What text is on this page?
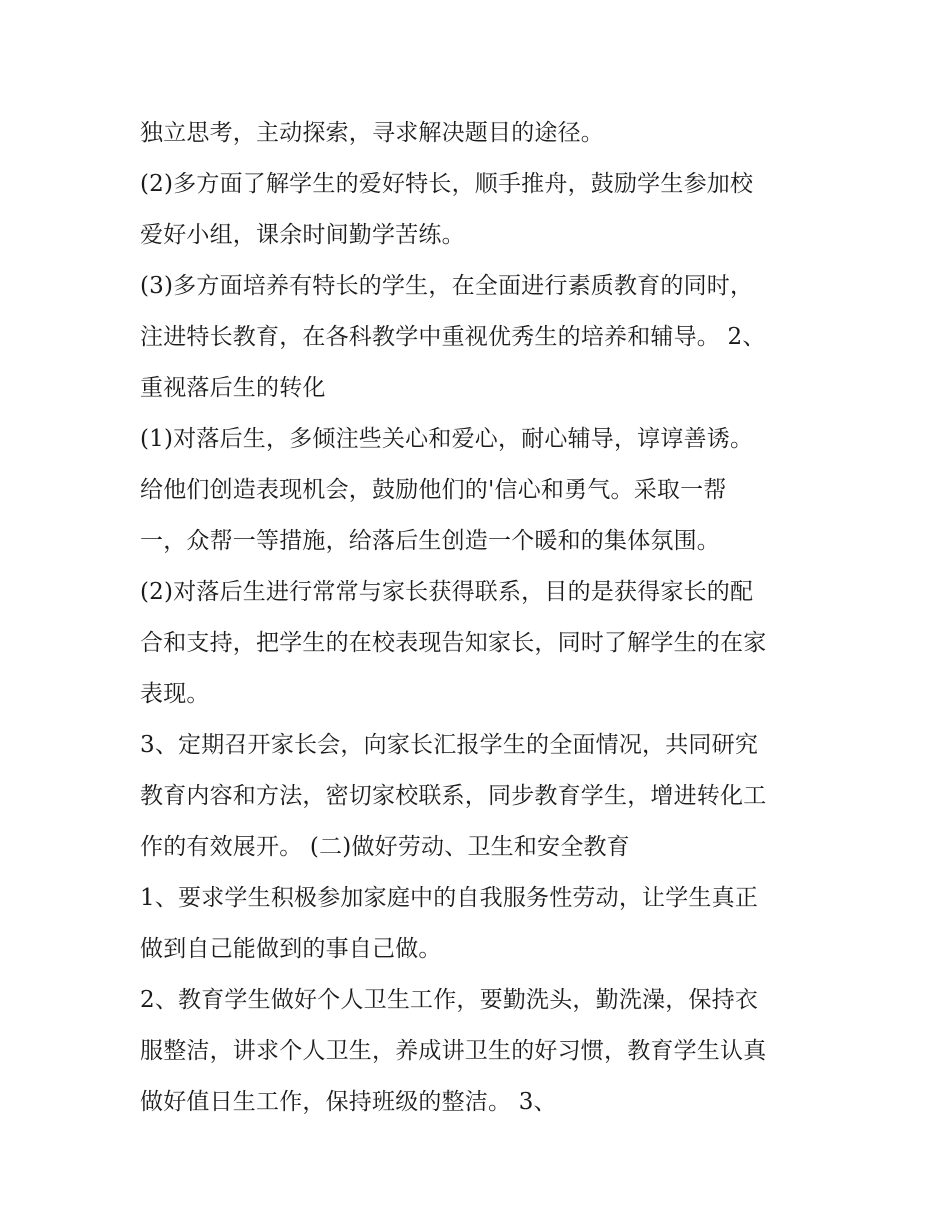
独立思考，主动探索，寻求解决题目的途径。
(2)多方面了解学生的爱好特长，顺手推舟，鼓励学生参加校
爱好小组，课余时间勤学苦练。
(3)多方面培养有特长的学生，在全面进行素质教育的同时，
注进特长教育，在各科教学中重视优秀生的培养和辅导。 2、
重视落后生的转化
(1)对落后生，多倾注些关心和爱心，耐心辅导，谆谆善诱。
给他们创造表现机会，鼓励他们的'信心和勇气。采取一帮
一，众帮一等措施，给落后生创造一个暖和的集体氛围。
(2)对落后生进行常常与家长获得联系，目的是获得家长的配
合和支持，把学生的在校表现告知家长，同时了解学生的在家
表现。
3、定期召开家长会，向家长汇报学生的全面情况，共同研究
教育内容和方法，密切家校联系，同步教育学生，增进转化工
作的有效展开。 (二)做好劳动、卫生和安全教育
1、要求学生积极参加家庭中的自我服务性劳动，让学生真正
做到自己能做到的事自己做。
2、教育学生做好个人卫生工作，要勤洗头，勤洗澡，保持衣
服整洁，讲求个人卫生，养成讲卫生的好习惯，教育学生认真
做好值日生工作，保持班级的整洁。 3、
